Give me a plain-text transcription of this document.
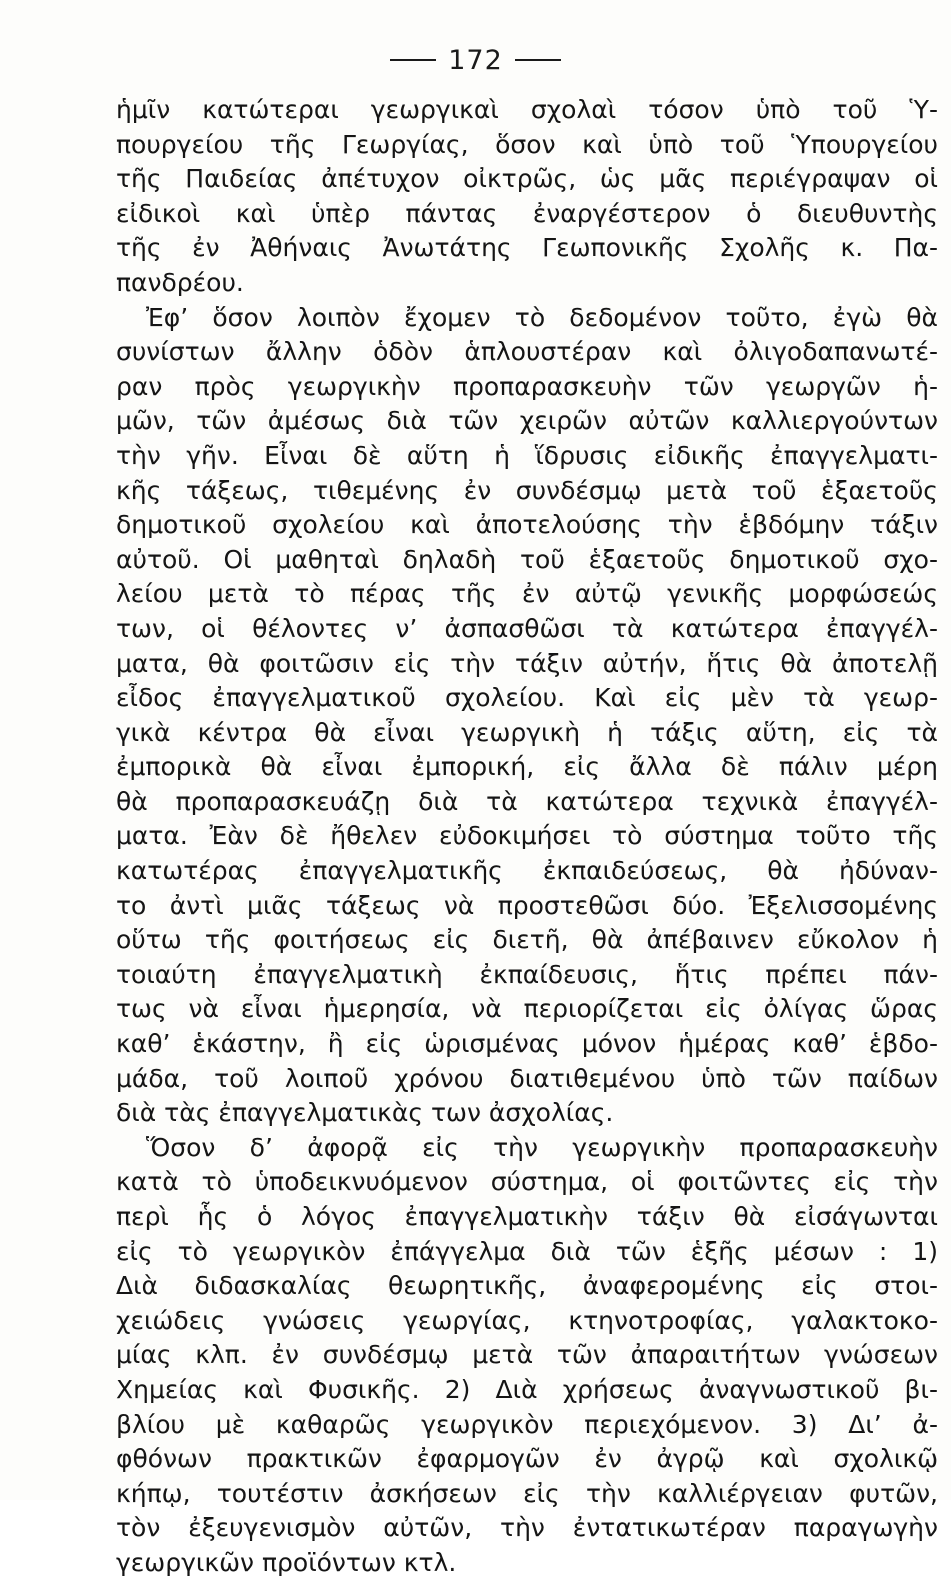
172
ἡμῖν κατώτεραι γεωργικαὶ σχολαὶ τόσον ὑπὸ τοῦ Ὑ-
πουργείου τῆς Γεωργίας, ὅσον καὶ ὑπὸ τοῦ Ὑπουργείου
τῆς Παιδείας ἀπέτυχον οἰκτρῶς, ὡς μᾶς περιέγραψαν οἱ
εἰδικοὶ καὶ ὑπὲρ πάντας ἐναργέστερον ὁ διευθυντὴς
τῆς ἐν Ἀθήναις Ἀνωτάτης Γεωπονικῆς Σχολῆς κ. Πα-
πανδρέου.
Ἐφ’ ὅσον λοιπὸν ἔχομεν τὸ δεδομένον τοῦτο, ἐγὼ θὰ
συνίστων ἄλλην ὁδὸν ἁπλουστέραν καὶ ὀλιγοδαπανωτέ-
ραν πρὸς γεωργικὴν προπαρασκευὴν τῶν γεωργῶν ἡ-
μῶν, τῶν ἀμέσως διὰ τῶν χειρῶν αὐτῶν καλλιεργούντων
τὴν γῆν. Εἶναι δὲ αὕτη ἡ ἵδρυσις εἰδικῆς ἐπαγγελματι-
κῆς τάξεως, τιθεμένης ἐν συνδέσμῳ μετὰ τοῦ ἑξαετοῦς
δημοτικοῦ σχολείου καὶ ἀποτελούσης τὴν ἑβδόμην τάξιν
αὐτοῦ. Οἱ μαθηταὶ δηλαδὴ τοῦ ἑξαετοῦς δημοτικοῦ σχο-
λείου μετὰ τὸ πέρας τῆς ἐν αὐτῷ γενικῆς μορφώσεώς
των, οἱ θέλοντες ν’ ἀσπασθῶσι τὰ κατώτερα ἐπαγγέλ-
ματα, θὰ φοιτῶσιν εἰς τὴν τάξιν αὐτήν, ἥτις θὰ ἀποτελῇ
εἶδος ἐπαγγελματικοῦ σχολείου. Καὶ εἰς μὲν τὰ γεωρ-
γικὰ κέντρα θὰ εἶναι γεωργικὴ ἡ τάξις αὕτη, εἰς τὰ
ἐμπορικὰ θὰ εἶναι ἐμπορική, εἰς ἄλλα δὲ πάλιν μέρη
θὰ προπαρασκευάζῃ διὰ τὰ κατώτερα τεχνικὰ ἐπαγγέλ-
ματα. Ἐὰν δὲ ἤθελεν εὐδοκιμήσει τὸ σύστημα τοῦτο τῆς
κατωτέρας ἐπαγγελματικῆς ἐκπαιδεύσεως, θὰ ἠδύναν-
το ἀντὶ μιᾶς τάξεως νὰ προστεθῶσι δύο. Ἐξελισσομένης
οὕτω τῆς φοιτήσεως εἰς διετῆ, θὰ ἀπέβαινεν εὔκολον ἡ
τοιαύτη ἐπαγγελματικὴ ἐκπαίδευσις, ἥτις πρέπει πάν-
τως νὰ εἶναι ἡμερησία, νὰ περιορίζεται εἰς ὀλίγας ὥρας
καθ’ ἑκάστην, ἢ εἰς ὡρισμένας μόνον ἡμέρας καθ’ ἑβδο-
μάδα, τοῦ λοιποῦ χρόνου διατιθεμένου ὑπὸ τῶν παίδων
διὰ τὰς ἐπαγγελματικὰς των ἀσχολίας.
Ὅσον δ’ ἀφορᾷ εἰς τὴν γεωργικὴν προπαρασκευὴν
κατὰ τὸ ὑποδεικνυόμενον σύστημα, οἱ φοιτῶντες εἰς τὴν
περὶ ἧς ὁ λόγος ἐπαγγελματικὴν τάξιν θὰ εἰσάγωνται
εἰς τὸ γεωργικὸν ἐπάγγελμα διὰ τῶν ἑξῆς μέσων : 1)
Διὰ διδασκαλίας θεωρητικῆς, ἀναφερομένης εἰς στοι-
χειώδεις γνώσεις γεωργίας, κτηνοτροφίας, γαλακτοκο-
μίας κλπ. ἐν συνδέσμῳ μετὰ τῶν ἀπαραιτήτων γνώσεων
Χημείας καὶ Φυσικῆς. 2) Διὰ χρήσεως ἀναγνωστικοῦ βι-
βλίου μὲ καθαρῶς γεωργικὸν περιεχόμενον. 3) Δι’ ἀ-
φθόνων πρακτικῶν ἐφαρμογῶν ἐν ἀγρῷ καὶ σχολικῷ
κήπῳ, τουτέστιν ἀσκήσεων εἰς τὴν καλλιέργειαν φυτῶν,
τὸν ἐξευγενισμὸν αὐτῶν, τὴν ἐντατικωτέραν παραγωγὴν
γεωργικῶν προϊόντων κτλ.
